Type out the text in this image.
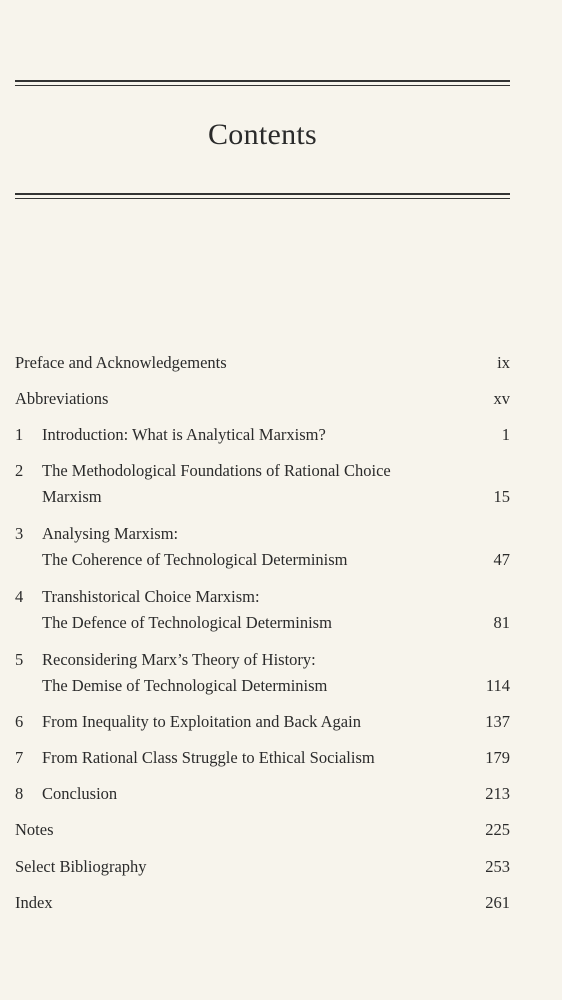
Contents
Preface and Acknowledgements	ix
Abbreviations	xv
1 Introduction: What is Analytical Marxism?	1
2 The Methodological Foundations of Rational Choice
Marxism	15
3 Analysing Marxism:
The Coherence of Technological Determinism	47
4 Transhistorical Choice Marxism:
The Defence of Technological Determinism	81
5 Reconsidering Marx’s Theory of History:
The Demise of Technological Determinism	114
6 From Inequality to Exploitation and Back Again	137
7 From Rational Class Struggle to Ethical Socialism	179
8 Conclusion	213
Notes	225
Select Bibliography	253
Index	261
